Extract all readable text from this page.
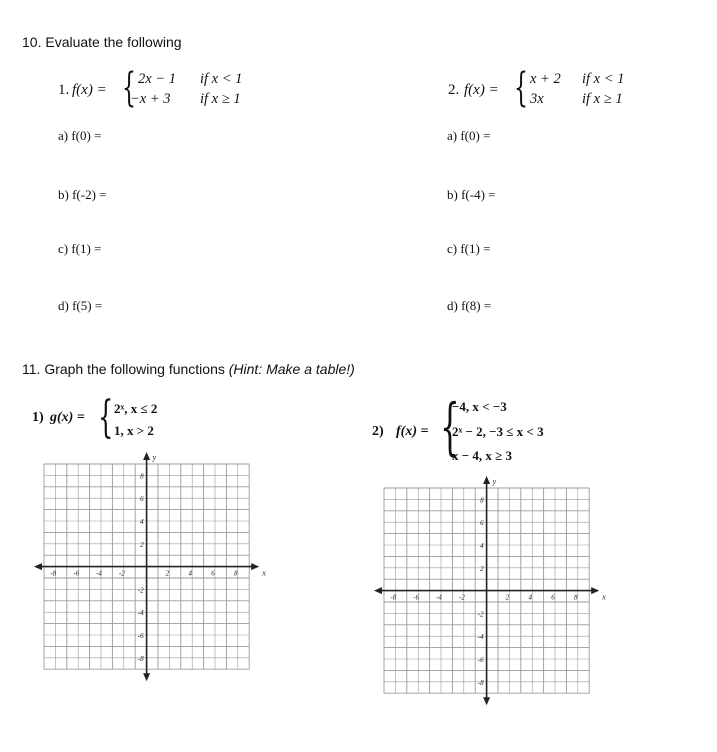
10. Evaluate the following
1. f(x) = { 2x − 1 if x < 1
−x + 3 if x ≥ 1
2. f(x) = { x + 2 if x < 1
3x	if x ≥ 1
a) f(0) =
b) f(-2) =
c) f(1) =
d) f(5) =
a) f(0) =
b) f(-4) =
c) f(1) =
d) f(8) =
11. Graph the following functions (Hint: Make a table!)
1) g(x) = { 2ˣ, x ≤ 2
1, x > 2	2) f(x) = {
−4, x < −3
2ˣ − 2, −3 ≤ x < 3
x − 4, x ≥ 3
-8 -6 -4 -2	2	4	6	8
8
6
4
2
-2
-4
-6
-8
x
y
-8 -6 -4 -2	2	4	6	8
8
6
4
2
-2
-4
-6
-8
x
y
